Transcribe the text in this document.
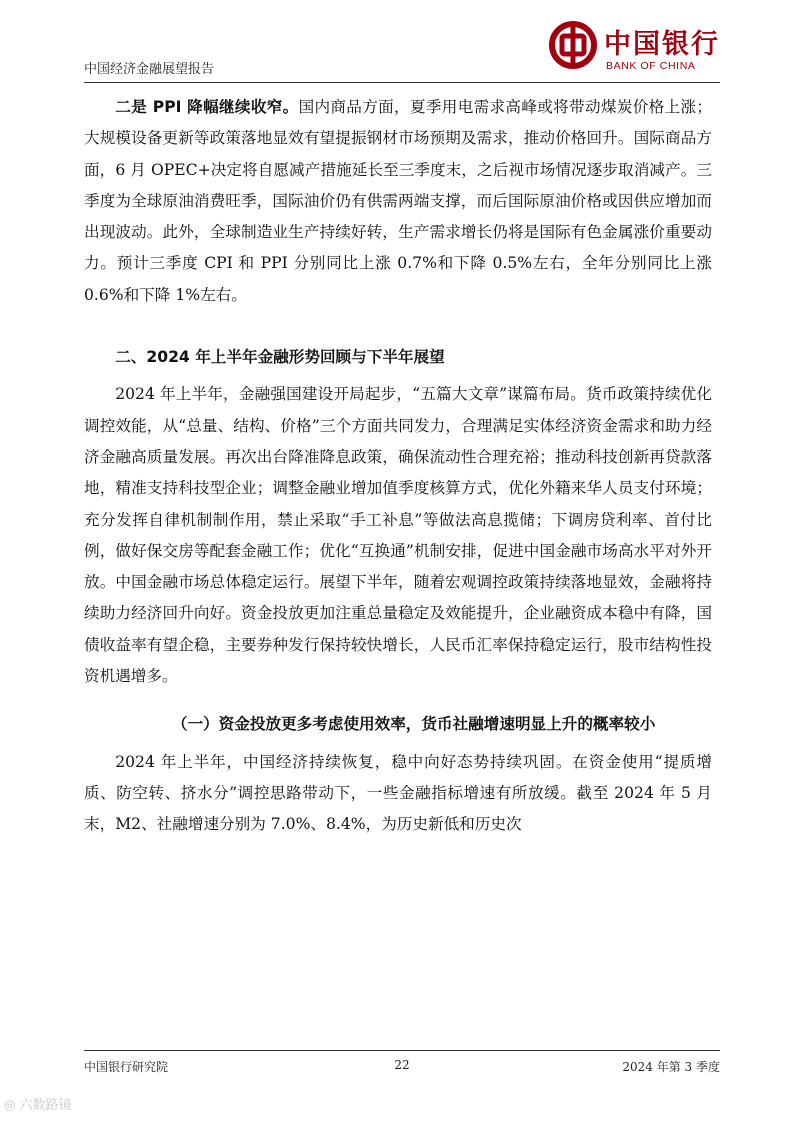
中国经济金融展望报告
中国银行
BANK OF CHINA

二是 PPI 降幅继续收窄。国内商品方面，夏季用电需求高峰或将带动煤炭价格上涨；大规模设备更新等政策落地显效有望提振钢材市场预期及需求，推动价格回升。国际商品方面，6 月 OPEC+决定将自愿减产措施延长至三季度末，之后视市场情况逐步取消减产。三季度为全球原油消费旺季，国际油价仍有供需两端支撑，而后国际原油价格或因供应增加而出现波动。此外，全球制造业生产持续好转，生产需求增长仍将是国际有色金属涨价重要动力。预计三季度 CPI 和 PPI 分别同比上涨 0.7%和下降 0.5%左右，全年分别同比上涨 0.6%和下降 1%左右。

二、2024 年上半年金融形势回顾与下半年展望

2024 年上半年，金融强国建设开局起步，“五篇大文章”谋篇布局。货币政策持续优化调控效能，从“总量、结构、价格”三个方面共同发力，合理满足实体经济资金需求和助力经济金融高质量发展。再次出台降准降息政策，确保流动性合理充裕；推动科技创新再贷款落地，精准支持科技型企业；调整金融业增加值季度核算方式，优化外籍来华人员支付环境；充分发挥自律机制制作用，禁止采取“手工补息”等做法高息揽储；下调房贷利率、首付比例，做好保交房等配套金融工作；优化“互换通”机制安排，促进中国金融市场高水平对外开放。中国金融市场总体稳定运行。展望下半年，随着宏观调控政策持续落地显效，金融将持续助力经济回升向好。资金投放更加注重总量稳定及效能提升，企业融资成本稳中有降，国债收益率有望企稳，主要券种发行保持较快增长，人民币汇率保持稳定运行，股市结构性投资机遇增多。

（一）资金投放更多考虑使用效率，货币社融增速明显上升的概率较小

2024 年上半年，中国经济持续恢复，稳中向好态势持续巩固。在资金使用“提质增质、防空转、挤水分”调控思路带动下，一些金融指标增速有所放缓。截至 2024 年 5 月末，M2、社融增速分别为 7.0%、8.4%，为历史新低和历史次

中国银行研究院	22	2024 年第 3 季度
◎ 六数路镜
